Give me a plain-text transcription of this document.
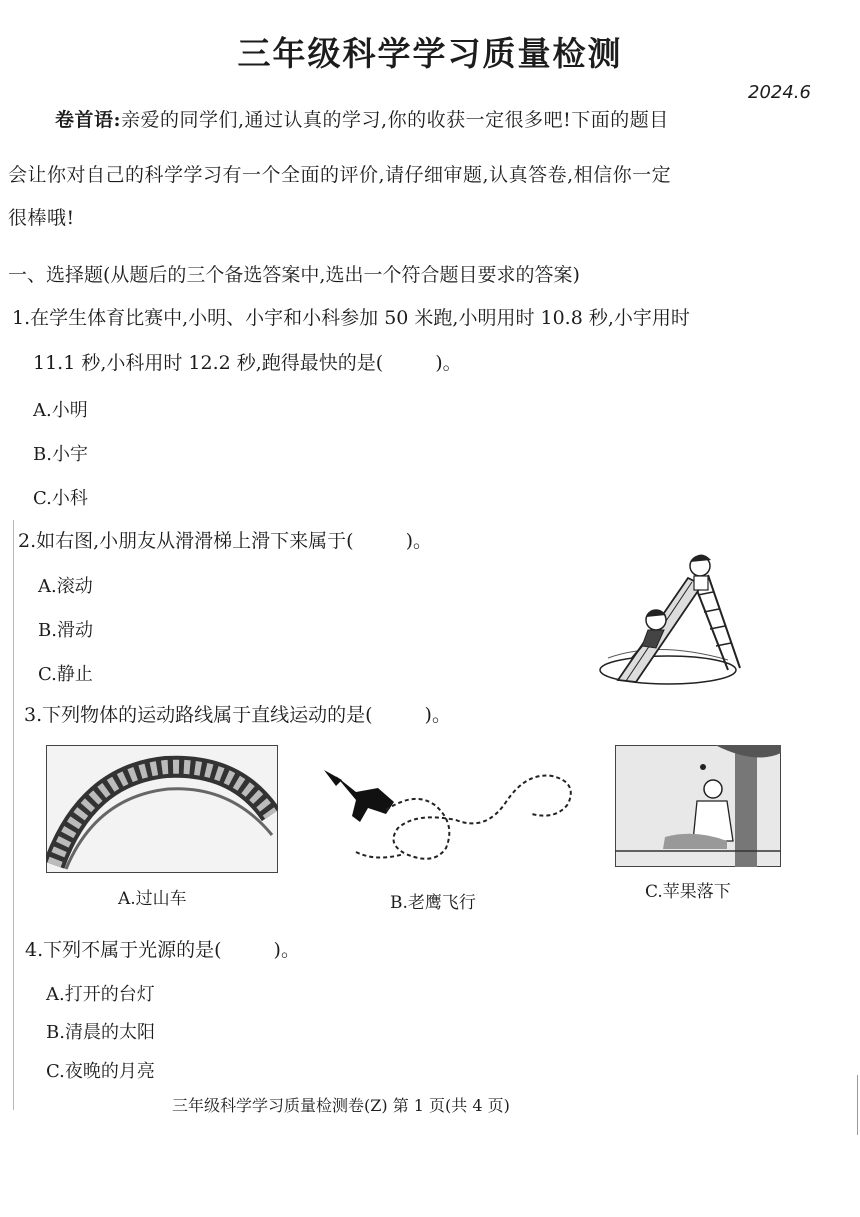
三年级科学学习质量检测
2024.6
卷首语:亲爱的同学们,通过认真的学习,你的收获一定很多吧!下面的题目
会让你对自己的科学学习有一个全面的评价,请仔细审题,认真答卷,相信你一定
很棒哦!
一、选择题(从题后的三个备选答案中,选出一个符合题目要求的答案)
1.在学生体育比赛中,小明、小宇和小科参加 50 米跑,小明用时 10.8 秒,小宇用时
11.1 秒,小科用时 12.2 秒,跑得最快的是(	)。
A.小明
B.小宇
C.小科
2.如右图,小朋友从滑滑梯上滑下来属于(	)。
A.滚动
B.滑动
C.静止
3.下列物体的运动路线属于直线运动的是(	)。
A.过山车	B.老鹰飞行
C.苹果落下
4.下列不属于光源的是(	)。
A.打开的台灯
B.清晨的太阳
C.夜晚的月亮
三年级科学学习质量检测卷(Z) 第 1 页(共 4 页)
